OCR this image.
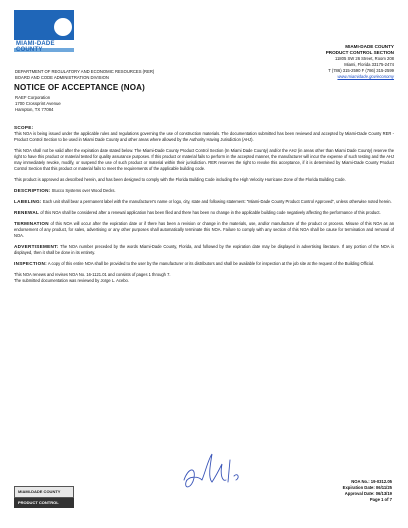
MIAMI-DADE COUNTY
DEPARTMENT OF REGULATORY AND ECONOMIC RESOURCES (RER)
BOARD AND CODE ADMINISTRATION DIVISION
MIAMI-DADE COUNTY
PRODUCT CONTROL SECTION
11805 SW 26 Street, Room 208
Miami, Florida 33175-2474
T (786) 315-2590 F (786) 315-2599
www.miamidade.gov/economy
NOTICE OF ACCEPTANCE (NOA)
RAEF Corporation
1700 Crossprint Avenue
Hampton, TX 77084
SCOPE:

This NOA is being issued under the applicable rules and regulations governing the use of construction materials. The documentation submitted has been reviewed and accepted by Miami-Dade County RER - Product Control Section to be used in Miami Dade County and other areas where allowed by the Authority Having Jurisdiction (AHJ).

This NOA shall not be valid after the expiration date stated below. The Miami-Dade County Product Control Section (In Miami Dade County) and/or the AHJ (in areas other than Miami Dade County) reserve the right to have this product or material tested for quality assurance purposes. If this product or material fails to perform in the accepted manner, the manufacturer will incur the expense of such testing and the AHJ may immediately revoke, modify, or suspend the use of such product or material within their jurisdiction. RER reserves the right to revoke this acceptance, if it is determined by Miami-Dade County Product Control Section that this product or material fails to meet the requirements of the applicable building code.

This product is approved as described herein, and has been designed to comply with the Florida Building Code including the High Velocity Hurricane Zone of the Florida Building Code.

DESCRIPTION: Stucco Systems over Wood Decks.

LABELING: Each unit shall bear a permanent label with the manufacturer's name or logo, city, state and following statement: "Miami-Dade County Product Control Approved", unless otherwise noted herein.

RENEWAL of this NOA shall be considered after a renewal application has been filed and there has been no change in the applicable building code negatively affecting the performance of this product.

TERMINATION of this NOA will occur after the expiration date or if there has been a revision or change in the materials, use, and/or manufacture of the product or process. Misuse of this NOA as an endorsement of any product, for sales, advertising or any other purposes shall automatically terminate this NOA. Failure to comply with any section of this NOA shall be cause for termination and removal of NOA.

ADVERTISEMENT: The NOA number preceded by the words Miami-Dade County, Florida, and followed by the expiration date may be displayed in advertising literature. If any portion of the NOA is displayed, then it shall be done in its entirety.

INSPECTION: A copy of this entire NOA shall be provided to the user by the manufacturer or its distributors and shall be available for inspection at the job site at the request of the Building Official.

This NOA renews and revises NOA No. 16-1121.01 and consists of pages 1 through 7.
The submitted documentation was reviewed by Jorge L. Acebo.
NOA No.: 19-0312.05
Expiration Date: 06/11/25
Approval Date: 06/13/19
Page 1 of 7
MIAMI-DADE COUNTY
PRODUCT CONTROL
